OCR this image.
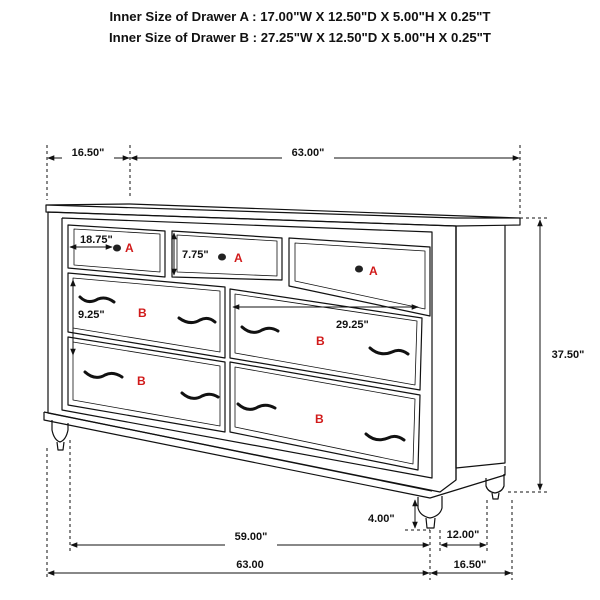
Inner Size of Drawer A : 17.00"W X 12.50"D X 5.00"H X 0.25"T
Inner Size of Drawer B : 27.25"W X 12.50"D X 5.00"H X 0.25"T
16.50"	63.00"
18.75"
7.75"
9.25"
29.25"
37.50"
4.00"
59.00"	12.00"
63.00	16.50"
A
A
A
B
B
B
B
